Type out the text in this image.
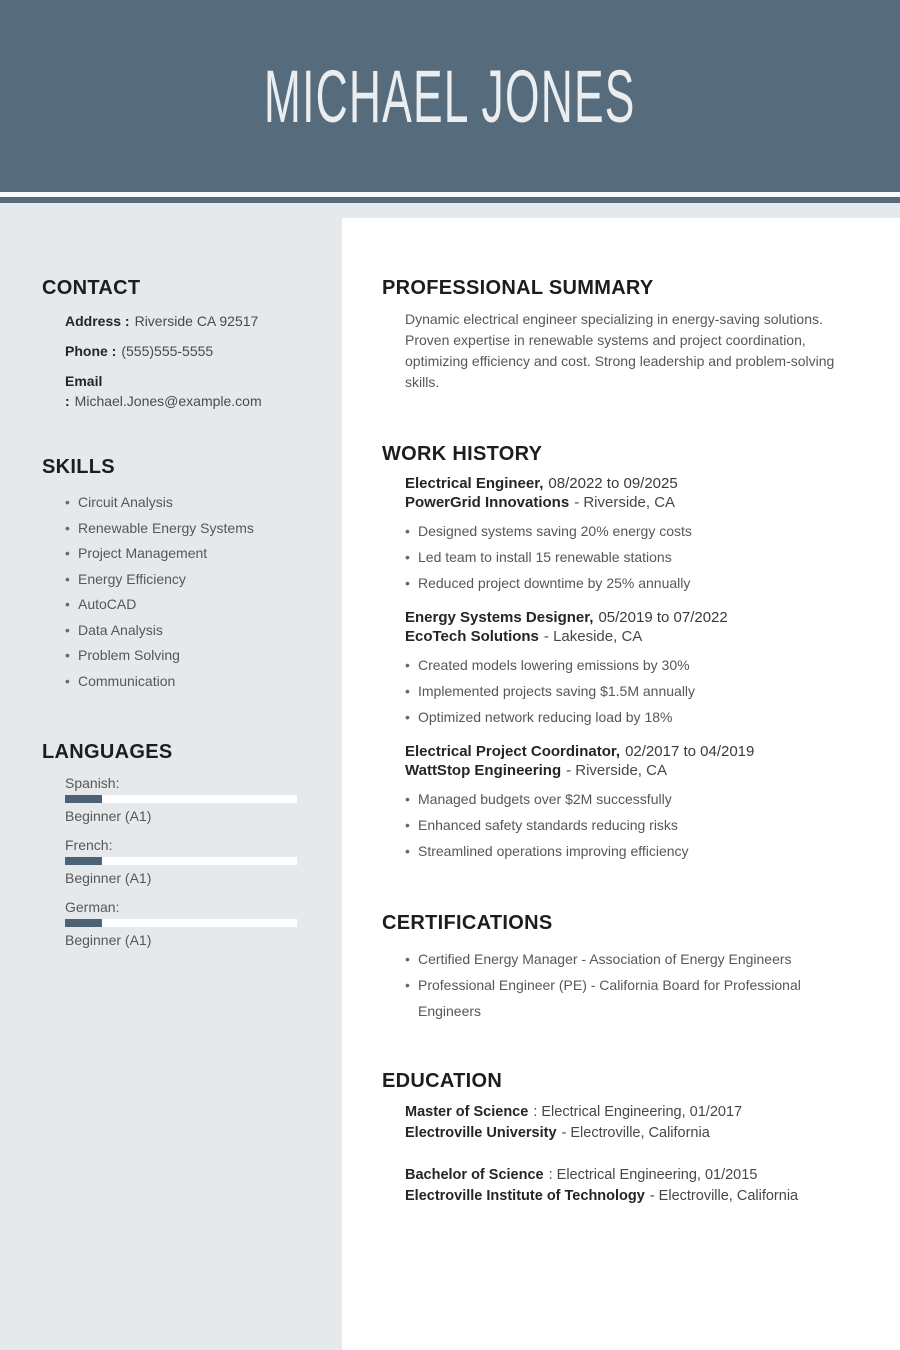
MICHAEL JONES
CONTACT
Address : Riverside CA 92517
Phone : (555)555-5555
Email : Michael.Jones@example.com
SKILLS
• Circuit Analysis
• Renewable Energy Systems
• Project Management
• Energy Efficiency
• AutoCAD
• Data Analysis
• Problem Solving
• Communication
LANGUAGES
Spanish:
Beginner (A1)
French:
Beginner (A1)
German:
Beginner (A1)
PROFESSIONAL SUMMARY

Dynamic electrical engineer specializing in energy-saving solutions. Proven expertise in renewable systems and project coordination, optimizing efficiency and cost. Strong leadership and problem-solving skills.

WORK HISTORY
Electrical Engineer, 08/2022 to 09/2025
PowerGrid Innovations - Riverside, CA
• Designed systems saving 20% energy costs
• Led team to install 15 renewable stations
• Reduced project downtime by 25% annually
Energy Systems Designer, 05/2019 to 07/2022
EcoTech Solutions - Lakeside, CA
• Created models lowering emissions by 30%
• Implemented projects saving $1.5M annually
• Optimized network reducing load by 18%
Electrical Project Coordinator, 02/2017 to 04/2019
WattStop Engineering - Riverside, CA
• Managed budgets over $2M successfully
• Enhanced safety standards reducing risks
• Streamlined operations improving efficiency
CERTIFICATIONS
• Certified Energy Manager - Association of Energy Engineers
• Professional Engineer (PE) - California Board for Professional Engineers
EDUCATION
Master of Science : Electrical Engineering, 01/2017
Electroville University - Electroville, California
Bachelor of Science : Electrical Engineering, 01/2015
Electroville Institute of Technology - Electroville, California
